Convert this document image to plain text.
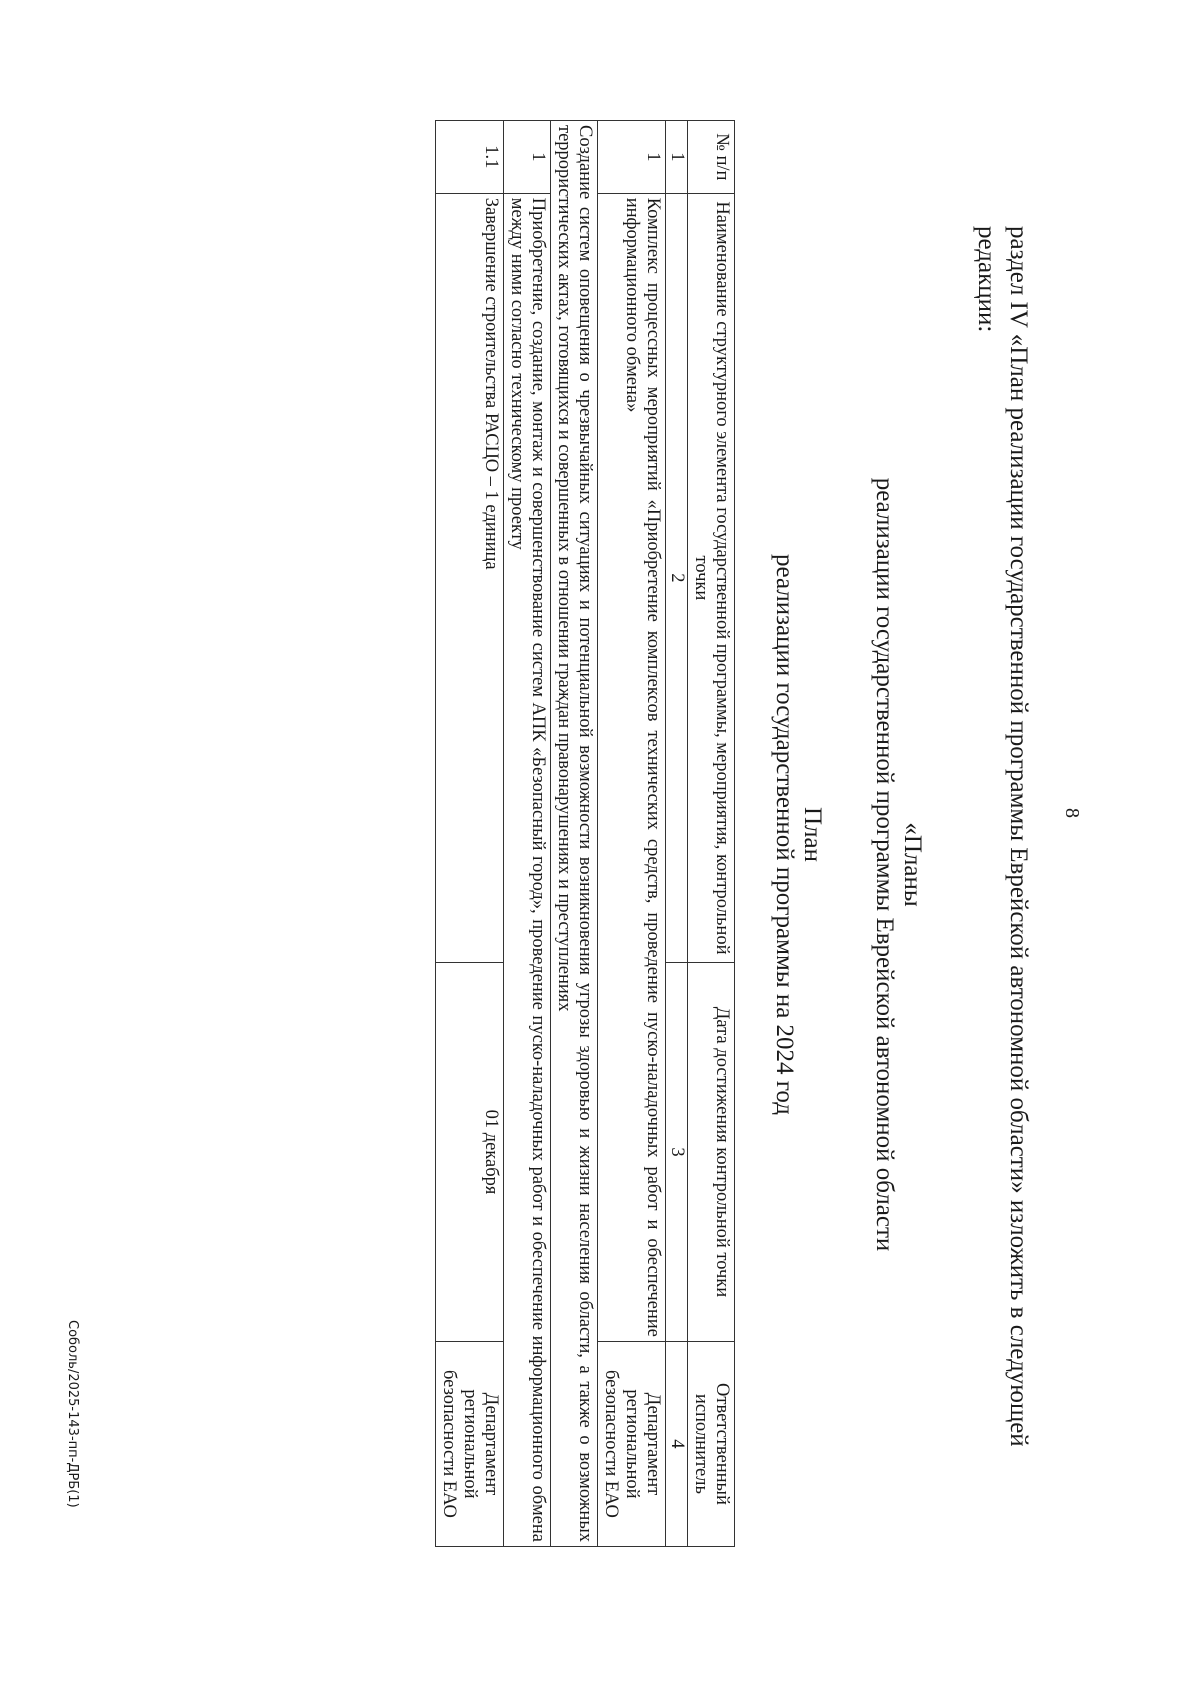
8
раздел IV «План реализации государственной программы Еврейской автономной области» изложить в следующей
редакции:
«Планы
реализации государственной программы Еврейской автономной области
План
реализации государственной программы на 2024 год
№ п/п	Наименование структурного элемента государственной программы, мероприятия, контрольной точки	Дата достижения контрольной точки	Ответственный исполнитель
1	2	3	4
1	Комплекс процессных мероприятий «Приобретение комплексов технических средств, проведение пуско-наладочных работ и обеспечение информационного обмена»		Департамент региональной безопасности ЕАО
Создание систем оповещения о чрезвычайных ситуациях и потенциальной возможности возникновения угрозы здоровью и жизни населения области, а также о возможных террористических актах, готовящихся и совершенных в отношении граждан правонарушениях и преступлениях			
1	Приобретение, создание, монтаж и совершенствование систем АПК «Безопасный город», проведение пуско-наладочных работ и обеспечение информационного обмена между ними согласно техническому проекту		
1.1	Завершение строительства РАСЦО – 1 единица	01 декабря	Департамент региональной безопасности ЕАО
Соболь/2025-143-пп-ДРБ(1)
